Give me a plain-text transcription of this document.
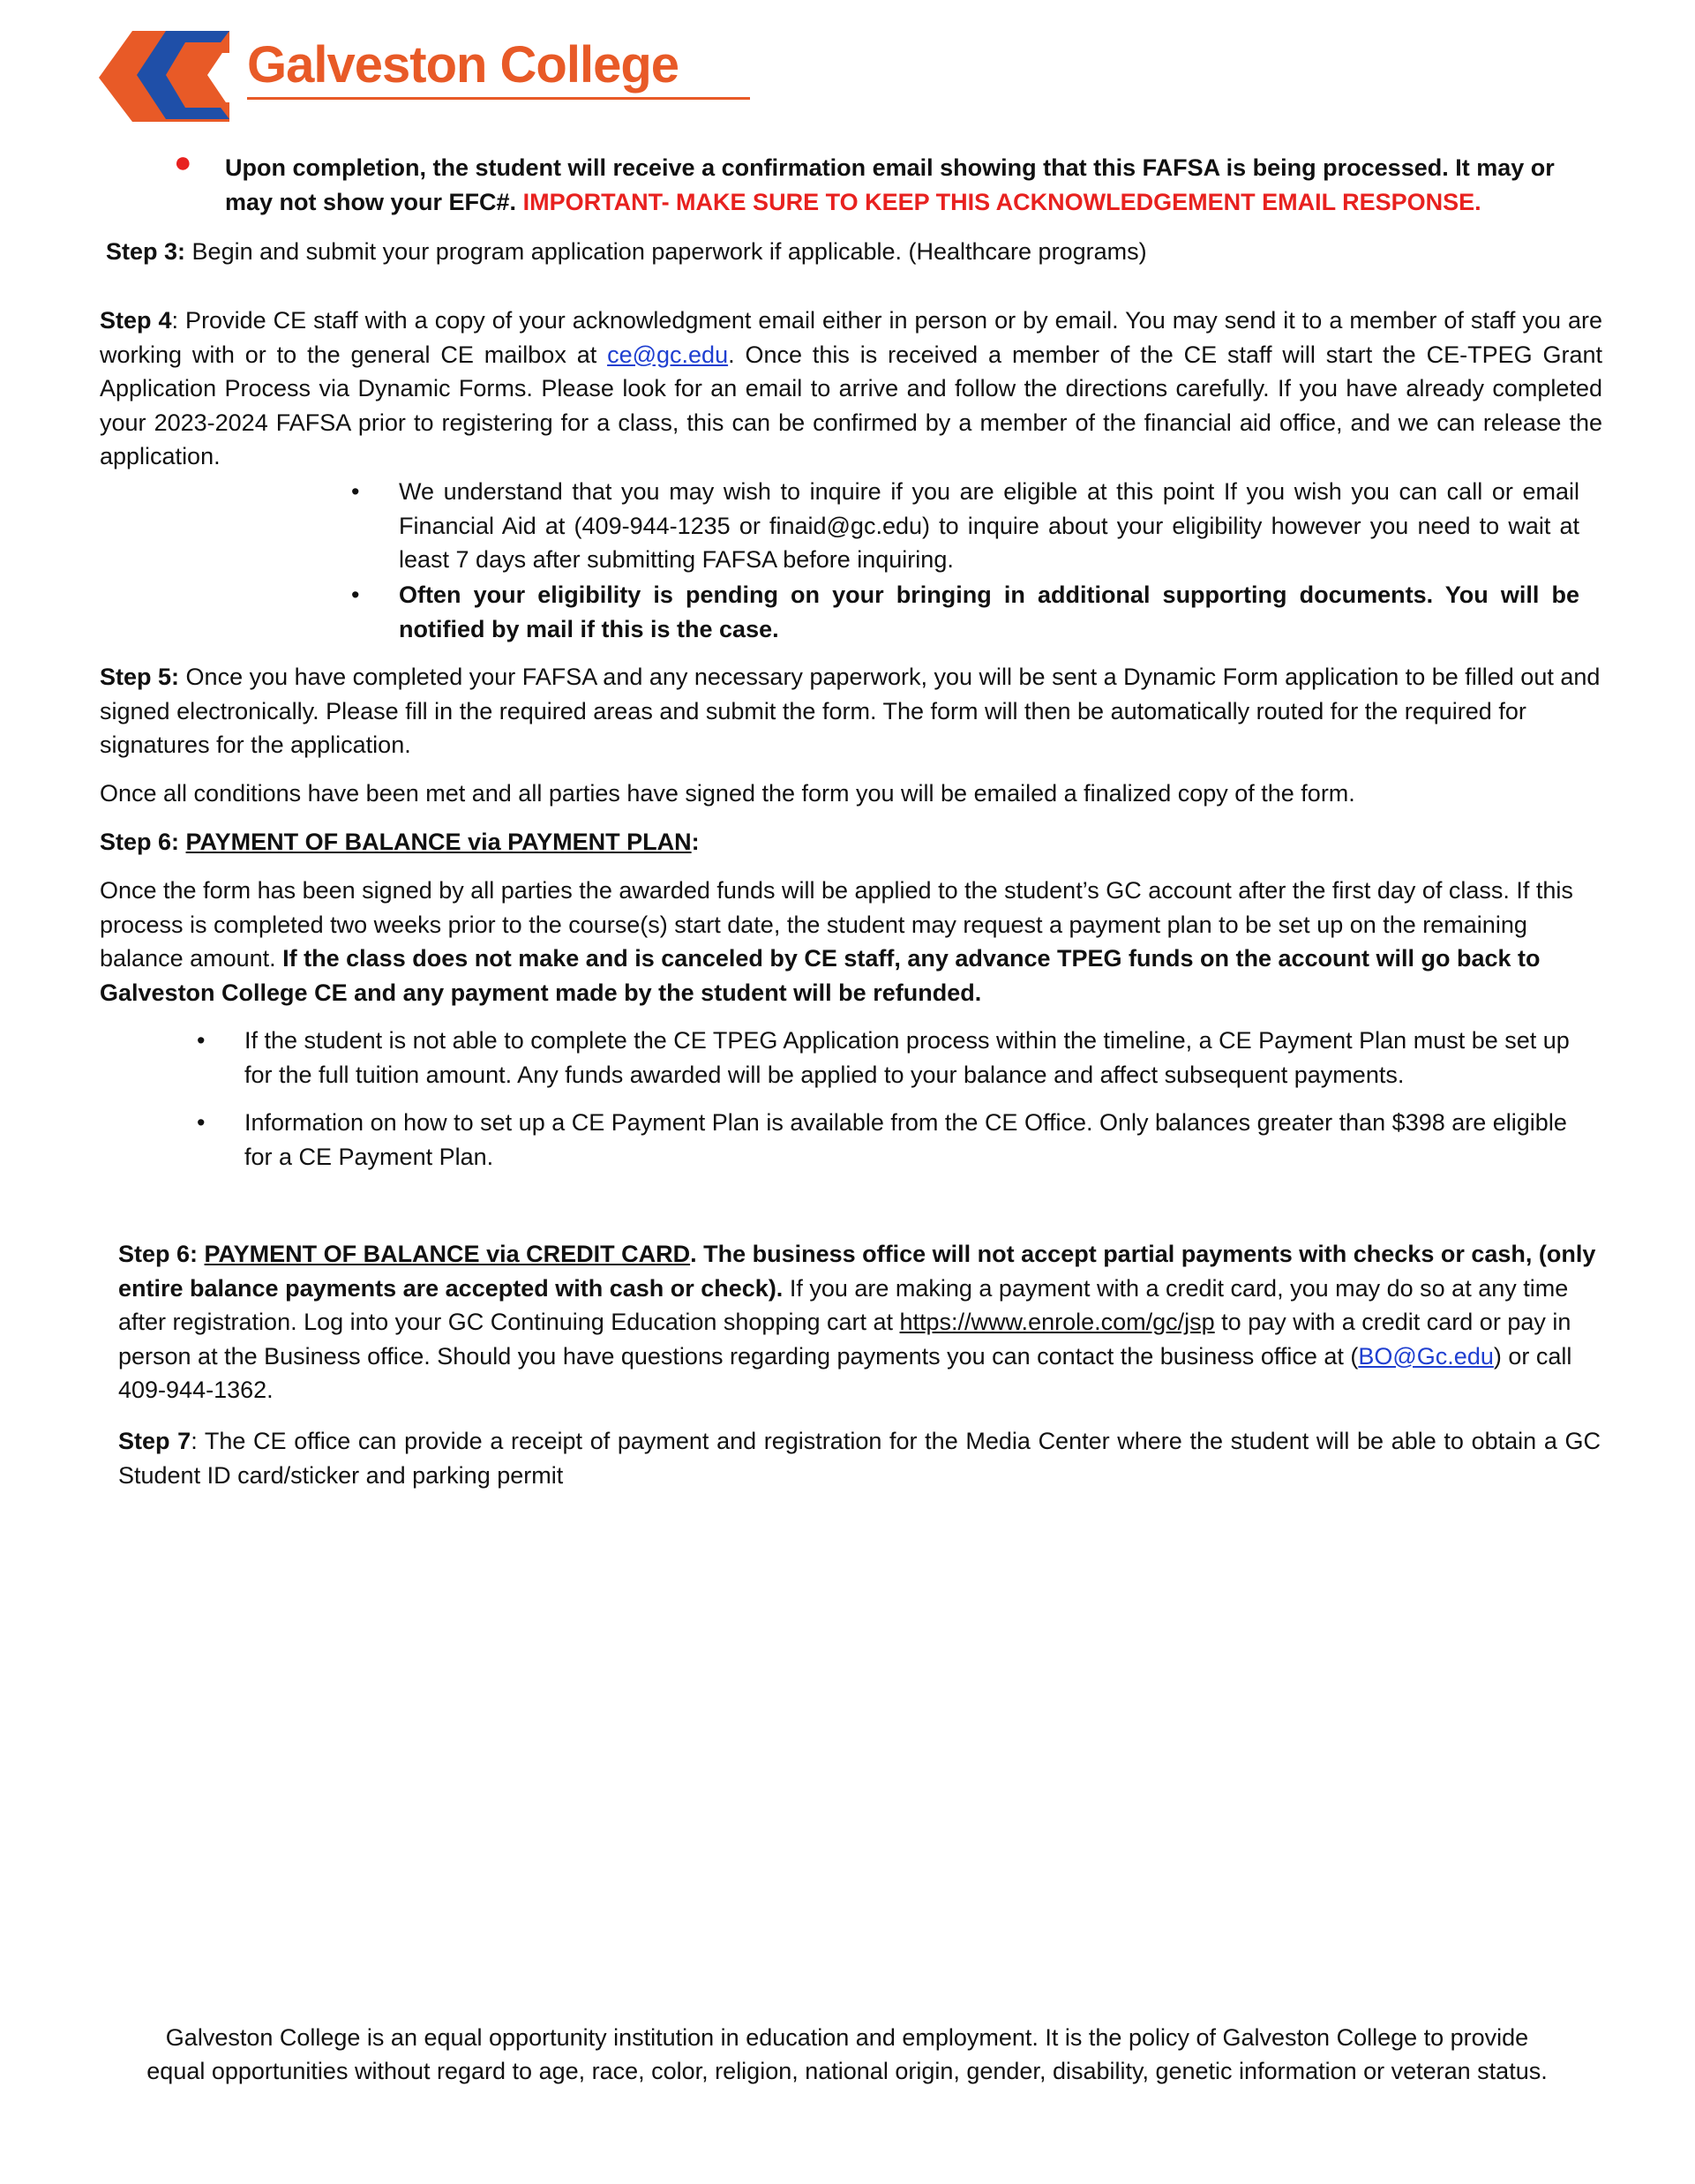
Galveston College
● Upon completion, the student will receive a confirmation email showing that this FAFSA is being processed. It may or may not show your EFC#. IMPORTANT- MAKE SURE TO KEEP THIS ACKNOWLEDGEMENT EMAIL RESPONSE.
Step 3: Begin and submit your program application paperwork if applicable. (Healthcare programs)
Step 4: Provide CE staff with a copy of your acknowledgment email either in person or by email. You may send it to a member of staff you are working with or to the general CE mailbox at ce@gc.edu. Once this is received a member of the CE staff will start the CE-TPEG Grant Application Process via Dynamic Forms. Please look for an email to arrive and follow the directions carefully. If you have already completed your 2023-2024 FAFSA prior to registering for a class, this can be confirmed by a member of the financial aid office, and we can release the application.
• We understand that you may wish to inquire if you are eligible at this point If you wish you can call or email Financial Aid at (409-944-1235 or finaid@gc.edu) to inquire about your eligibility however you need to wait at least 7 days after submitting FAFSA before inquiring.
• Often your eligibility is pending on your bringing in additional supporting documents. You will be notified by mail if this is the case.
Step 5: Once you have completed your FAFSA and any necessary paperwork, you will be sent a Dynamic Form application to be filled out and signed electronically. Please fill in the required areas and submit the form. The form will then be automatically routed for the required for signatures for the application.
Once all conditions have been met and all parties have signed the form you will be emailed a finalized copy of the form.
Step 6: PAYMENT OF BALANCE via PAYMENT PLAN:
Once the form has been signed by all parties the awarded funds will be applied to the student’s GC account after the first day of class. If this process is completed two weeks prior to the course(s) start date, the student may request a payment plan to be set up on the remaining balance amount. If the class does not make and is canceled by CE staff, any advance TPEG funds on the account will go back to Galveston College CE and any payment made by the student will be refunded.
• If the student is not able to complete the CE TPEG Application process within the timeline, a CE Payment Plan must be set up for the full tuition amount. Any funds awarded will be applied to your balance and affect subsequent payments.
• Information on how to set up a CE Payment Plan is available from the CE Office. Only balances greater than $398 are eligible for a CE Payment Plan.
Step 6: PAYMENT OF BALANCE via CREDIT CARD. The business office will not accept partial payments with checks or cash, (only entire balance payments are accepted with cash or check). If you are making a payment with a credit card, you may do so at any time after registration. Log into your GC Continuing Education shopping cart at https://www.enrole.com/gc/jsp to pay with a credit card or pay in person at the Business office. Should you have questions regarding payments you can contact the business office at (BO@Gc.edu) or call 409-944-1362.
Step 7: The CE office can provide a receipt of payment and registration for the Media Center where the student will be able to obtain a GC Student ID card/sticker and parking permit
Galveston College is an equal opportunity institution in education and employment. It is the policy of Galveston College to provide
equal opportunities without regard to age, race, color, religion, national origin, gender, disability, genetic information or veteran status.
